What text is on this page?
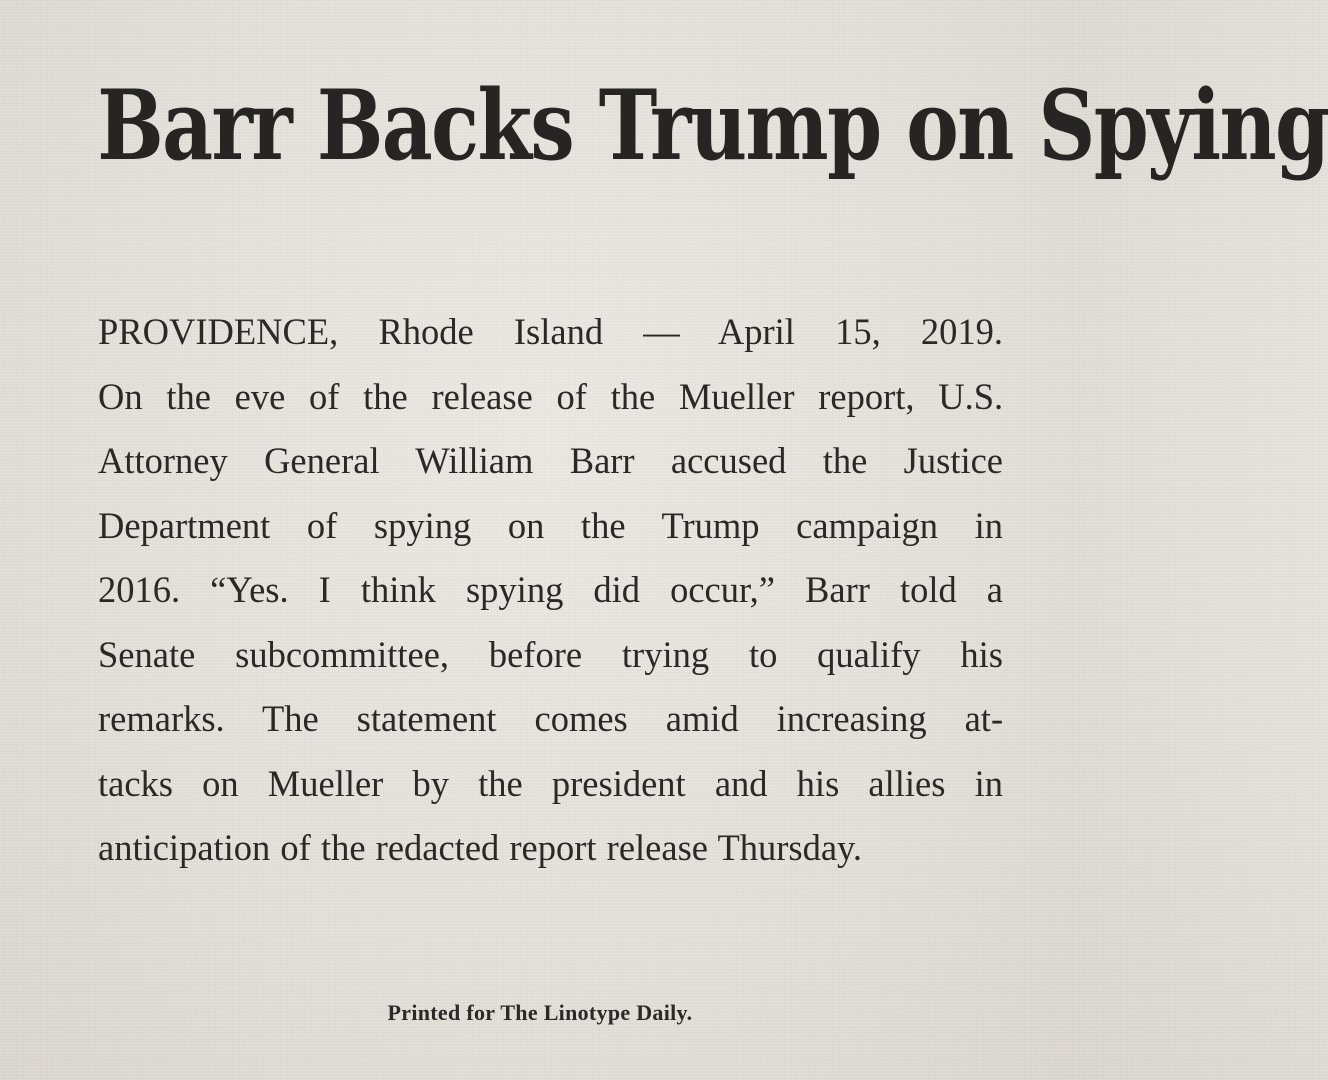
Barr Backs Trump on Spying
PROVIDENCE, Rhode Island — April 15, 2019.
On the eve of the release of the Mueller report, U.S.
Attorney General William Barr accused the Justice
Department of spying on the Trump campaign in
2016. “Yes. I think spying did occur,” Barr told a
Senate subcommittee, before trying to qualify his
remarks. The statement comes amid increasing at-
tacks on Mueller by the president and his allies in
anticipation of the redacted report release Thursday.

Printed for The Linotype Daily.
